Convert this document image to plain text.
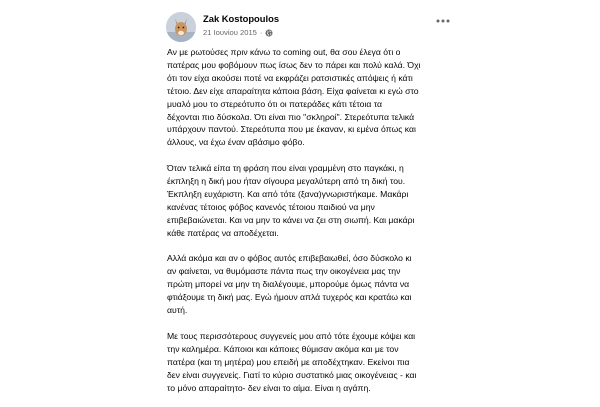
Zak Kostopoulos
21 Ιουνίου 2015 ·
Αν με ρωτούσες πριν κάνω το coming out, θα σου έλεγα ότι ο
πατέρας μου φοβόμουν πως ίσως δεν το πάρει και πολύ καλά. Όχι
ότι τον είχα ακούσει ποτέ να εκφράζει ρατσιστικές απόψεις ή κάτι
τέτοιο. Δεν είχε απαραίτητα κάποια βάση. Είχα φαίνεται κι εγώ στο
μυαλό μου το στερεότυπο ότι οι πατεράδες κάτι τέτοια τα
δέχονται πιο δύσκολα. Ότι είναι πιο "σκληροί". Στερεότυπα τελικά
υπάρχουν παντού. Στερεότυπα που με έκαναν, κι εμένα όπως και
άλλους, να έχω έναν αβάσιμο φόβο.
Όταν τελικά είπα τη φράση που είναι γραμμένη στο παγκάκι, η
έκπληξη η δική μου ήταν σίγουρα μεγαλύτερη από τη δική του.
Έκπληξη ευχάριστη. Και από τότε (ξανα)γνωριστήκαμε. Μακάρι
κανένας τέτοιος φόβος κανενός τέτοιου παιδιού να μην
επιβεβαιώνεται. Και να μην το κάνει να ζει στη σιωπή. Και μακάρι
κάθε πατέρας να αποδέχεται.
Αλλά ακόμα και αν ο φόβος αυτός επιβεβαιωθεί, όσο δύσκολο κι
αν φαίνεται, να θυμόμαστε πάντα πως την οικογένεια μας την
πρώτη μπορεί να μην τη διαλέγουμε, μπορούμε όμως πάντα να
φτιάξουμε τη δική μας. Εγώ ήμουν απλά τυχερός και κρατάω και
αυτή.
Με τους περισσότερους συγγενείς μου από τότε έχουμε κόψει και
την καλημέρα. Κάποιοι και κάποιες θύμισαν ακόμα και με τον
πατέρα (και τη μητέρα) μου επειδή με αποδέχτηκαν. Εκείνοι πια
δεν είναι συγγενείς. Γιατί το κύριο συστατικό μιας οικογένειας - και
το μόνο απαραίτητο- δεν είναι το αίμα. Είναι η αγάπη.
